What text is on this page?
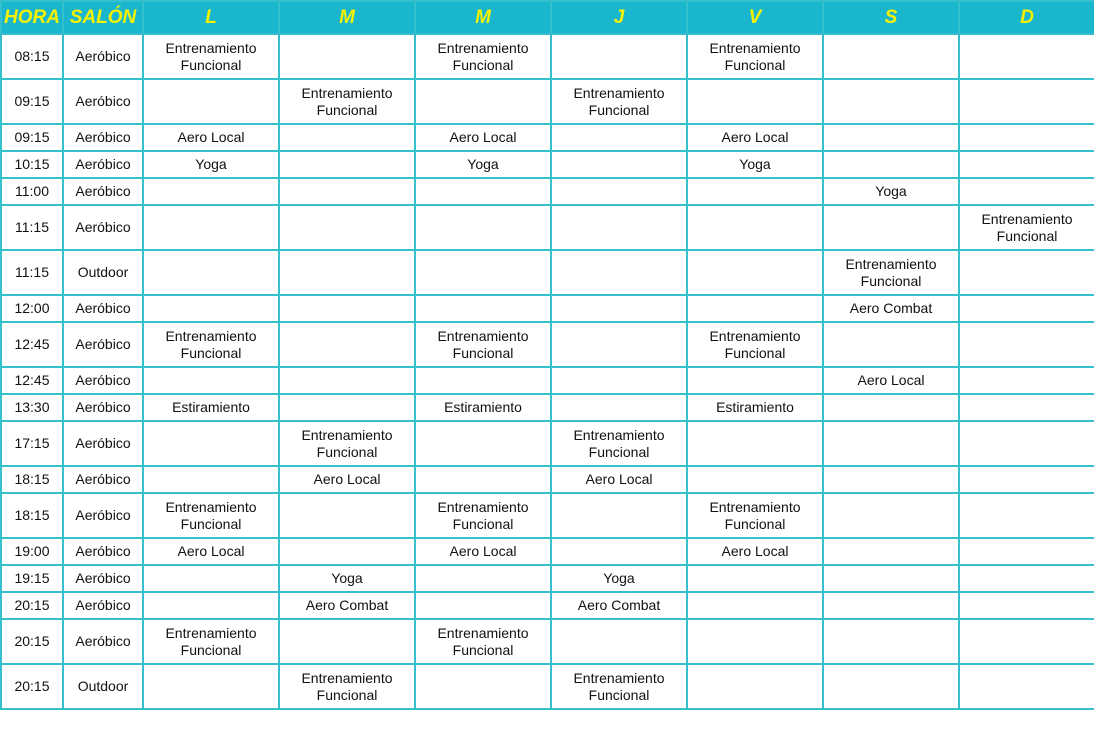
HORA	SALÓN	L	M	M	J	V	S	D
08:15	Aeróbico	Entrenamiento
Funcional		Entrenamiento
Funcional		Entrenamiento
Funcional		
09:15	Aeróbico		Entrenamiento
Funcional		Entrenamiento
Funcional			
09:15	Aeróbico	Aero Local		Aero Local		Aero Local		
10:15	Aeróbico	Yoga		Yoga		Yoga		
11:00	Aeróbico						Yoga	
11:15	Aeróbico							Entrenamiento
Funcional
11:15	Outdoor						Entrenamiento
Funcional	
12:00	Aeróbico						Aero Combat	
12:45	Aeróbico	Entrenamiento
Funcional		Entrenamiento
Funcional		Entrenamiento
Funcional		
12:45	Aeróbico						Aero Local	
13:30	Aeróbico	Estiramiento		Estiramiento		Estiramiento		
17:15	Aeróbico		Entrenamiento
Funcional		Entrenamiento
Funcional			
18:15	Aeróbico		Aero Local		Aero Local			
18:15	Aeróbico	Entrenamiento
Funcional		Entrenamiento
Funcional		Entrenamiento
Funcional		
19:00	Aeróbico	Aero Local		Aero Local		Aero Local		
19:15	Aeróbico		Yoga		Yoga			
20:15	Aeróbico		Aero Combat		Aero Combat			
20:15	Aeróbico	Entrenamiento
Funcional		Entrenamiento
Funcional				
20:15	Outdoor		Entrenamiento
Funcional		Entrenamiento
Funcional			
